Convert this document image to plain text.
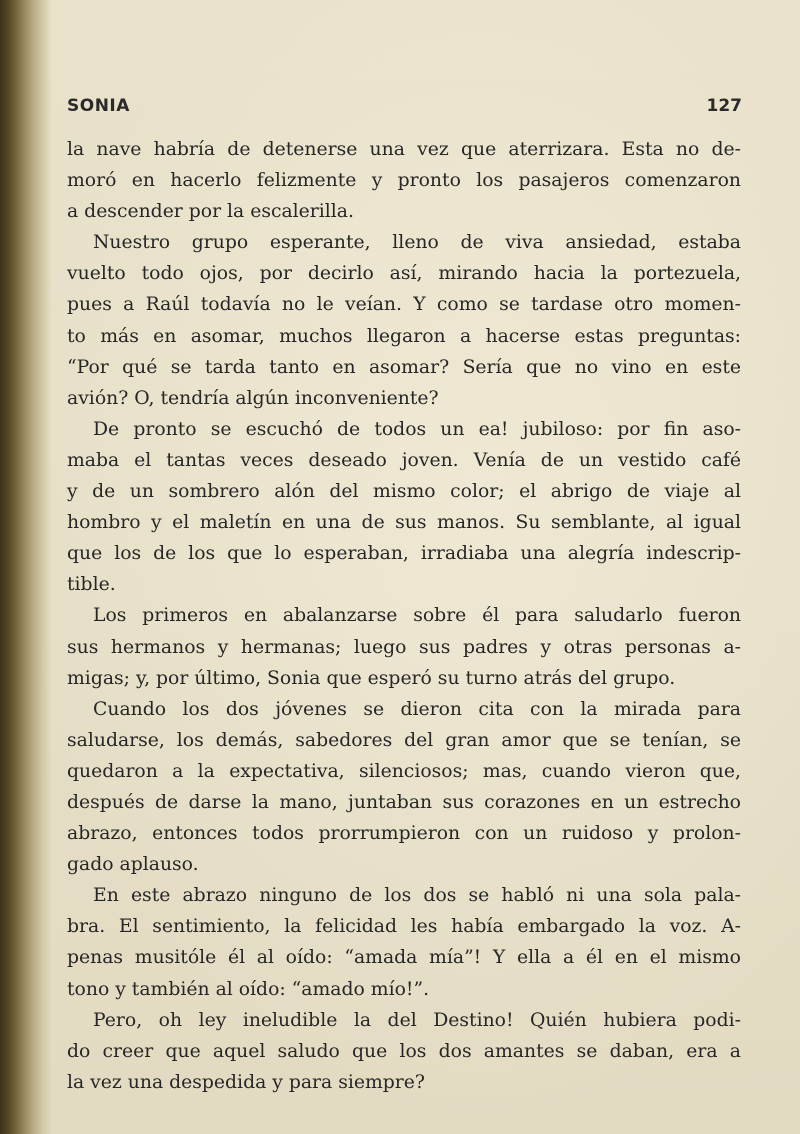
SONIA	127
la nave habría de detenerse una vez que aterrizara. Esta no de-
moró en hacerlo felizmente y pronto los pasajeros comenzaron
a descender por la escalerilla.
Nuestro grupo esperante, lleno de viva ansiedad, estaba
vuelto todo ojos, por decirlo así, mirando hacia la portezuela,
pues a Raúl todavía no le veían. Y como se tardase otro momen-
to más en asomar, muchos llegaron a hacerse estas preguntas:
“Por qué se tarda tanto en asomar? Sería que no vino en este
avión? O, tendría algún inconveniente?
De pronto se escuchó de todos un ea! jubiloso: por fin aso-
maba el tantas veces deseado joven. Venía de un vestido café
y de un sombrero alón del mismo color; el abrigo de viaje al
hombro y el maletín en una de sus manos. Su semblante, al igual
que los de los que lo esperaban, irradiaba una alegría indescrip-
tible.
Los primeros en abalanzarse sobre él para saludarlo fueron
sus hermanos y hermanas; luego sus padres y otras personas a-
migas; y, por último, Sonia que esperó su turno atrás del grupo.
Cuando los dos jóvenes se dieron cita con la mirada para
saludarse, los demás, sabedores del gran amor que se tenían, se
quedaron a la expectativa, silenciosos; mas, cuando vieron que,
después de darse la mano, juntaban sus corazones en un estrecho
abrazo, entonces todos prorrumpieron con un ruidoso y prolon-
gado aplauso.
En este abrazo ninguno de los dos se habló ni una sola pala-
bra. El sentimiento, la felicidad les había embargado la voz. A-
penas musitóle él al oído: “amada mía”! Y ella a él en el mismo
tono y también al oído: “amado mío!”.
Pero, oh ley ineludible la del Destino! Quién hubiera podi-
do creer que aquel saludo que los dos amantes se daban, era a
la vez una despedida y para siempre?
